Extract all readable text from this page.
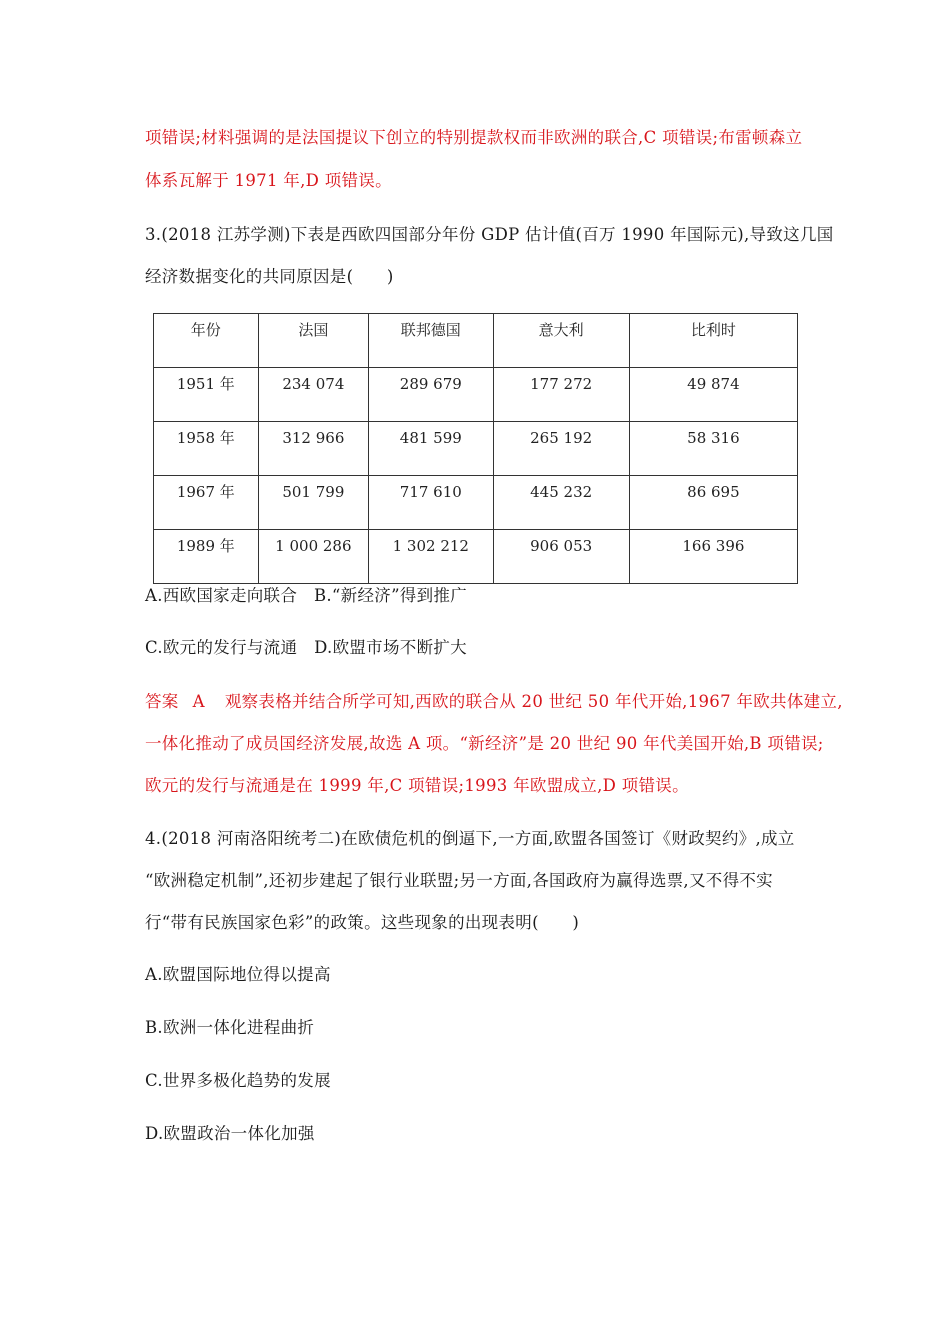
项错误;材料强调的是法国提议下创立的特别提款权而非欧洲的联合,C 项错误;布雷顿森立
体系瓦解于 1971 年,D 项错误。
3.(2018 江苏学测)下表是西欧四国部分年份 GDP 估计值(百万 1990 年国际元),导致这几国
经济数据变化的共同原因是(　　)
年份	法国	联邦德国	意大利	比利时
1951 年	234 074	289 679	177 272	49 874
1958 年	312 966	481 599	265 192	58 316
1967 年	501 799	717 610	445 232	86 695
1989 年	1 000 286	1 302 212	906 053	166 396
A.西欧国家走向联合　B.“新经济”得到推广
C.欧元的发行与流通　D.欧盟市场不断扩大
答案 A 观察表格并结合所学可知,西欧的联合从 20 世纪 50 年代开始,1967 年欧共体建立,
一体化推动了成员国经济发展,故选 A 项。“新经济”是 20 世纪 90 年代美国开始,B 项错误;
欧元的发行与流通是在 1999 年,C 项错误;1993 年欧盟成立,D 项错误。
4.(2018 河南洛阳统考二)在欧债危机的倒逼下,一方面,欧盟各国签订《财政契约》,成立
“欧洲稳定机制”,还初步建起了银行业联盟;另一方面,各国政府为赢得选票,又不得不实
行“带有民族国家色彩”的政策。这些现象的出现表明(　　)
A.欧盟国际地位得以提高
B.欧洲一体化进程曲折
C.世界多极化趋势的发展
D.欧盟政治一体化加强
